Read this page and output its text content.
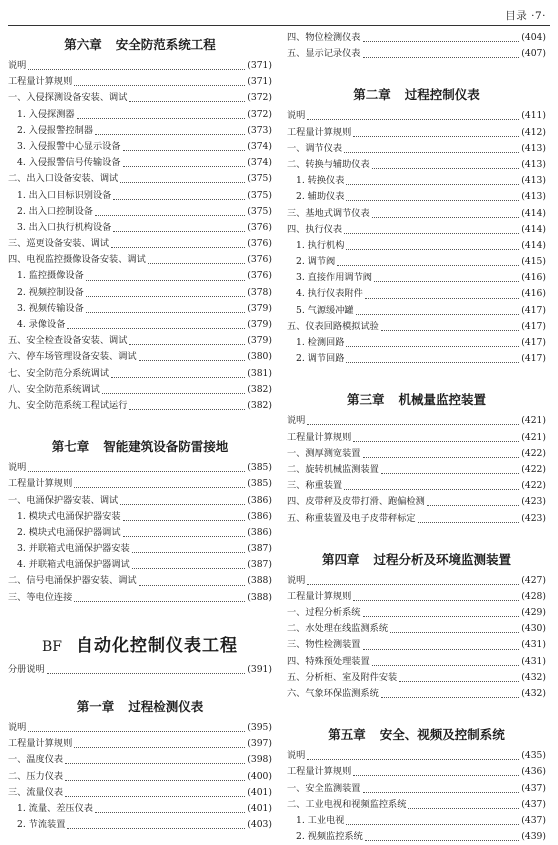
目录 ·7·
第六章 安全防范系统工程
说明	(371)
工程量计算规则	(371)
一、入侵探测设备安装、调试	(372)
1. 入侵探测器	(372)
2. 入侵报警控制器	(373)
3. 入侵报警中心显示设备	(374)
4. 入侵报警信号传输设备	(374)
二、出入口设备安装、调试	(375)
1. 出入口目标识别设备	(375)
2. 出入口控制设备	(375)
3. 出入口执行机构设备	(376)
三、巡更设备安装、调试	(376)
四、电视监控摄像设备安装、调试	(376)
1. 监控摄像设备	(376)
2. 视频控制设备	(378)
3. 视频传输设备	(379)
4. 录像设备	(379)
五、安全检查设备安装、调试	(379)
六、停车场管理设备安装、调试	(380)
七、安全防范分系统调试	(381)
八、安全防范系统调试	(382)
九、安全防范系统工程试运行	(382)
第七章 智能建筑设备防雷接地
说明	(385)
工程量计算规则	(385)
一、电涌保护器安装、调试	(386)
1. 模块式电涌保护器安装	(386)
2. 模块式电涌保护器调试	(386)
3. 并联箱式电涌保护器安装	(387)
4. 并联箱式电涌保护器调试	(387)
二、信号电涌保护器安装、调试	(388)
三、等电位连接	(388)
BF 自动化控制仪表工程
分册说明	(391)
第一章 过程检测仪表
说明	(395)
工程量计算规则	(397)
一、温度仪表	(398)
二、压力仪表	(400)
三、流量仪表	(401)
1. 流量、差压仪表	(401)
2. 节流装置	(403)
四、物位检测仪表	(404)
五、显示记录仪表	(407)
第二章 过程控制仪表
说明	(411)
工程量计算规则	(412)
一、调节仪表	(413)
二、转换与辅助仪表	(413)
1. 转换仪表	(413)
2. 辅助仪表	(413)
三、基地式调节仪表	(414)
四、执行仪表	(414)
1. 执行机构	(414)
2. 调节阀	(415)
3. 直接作用调节阀	(416)
4. 执行仪表附件	(416)
5. 气源缓冲罐	(417)
五、仪表回路模拟试验	(417)
1. 检测回路	(417)
2. 调节回路	(417)
第三章 机械量监控装置
说明	(421)
工程量计算规则	(421)
一、测厚测宽装置	(422)
二、旋转机械监测装置	(422)
三、称重装置	(422)
四、皮带秤及皮带打滑、跑偏检测	(423)
五、称重装置及电子皮带秤标定	(423)
第四章 过程分析及环境监测装置
说明	(427)
工程量计算规则	(428)
一、过程分析系统	(429)
二、水处理在线监测系统	(430)
三、物性检测装置	(431)
四、特殊预处理装置	(431)
五、分析柜、室及附件安装	(432)
六、气象环保监测系统	(432)
第五章 安全、视频及控制系统
说明	(435)
工程量计算规则	(436)
一、安全监测装置	(437)
二、工业电视和视频监控系统	(437)
1. 工业电视	(437)
2. 视频监控系统	(439)
